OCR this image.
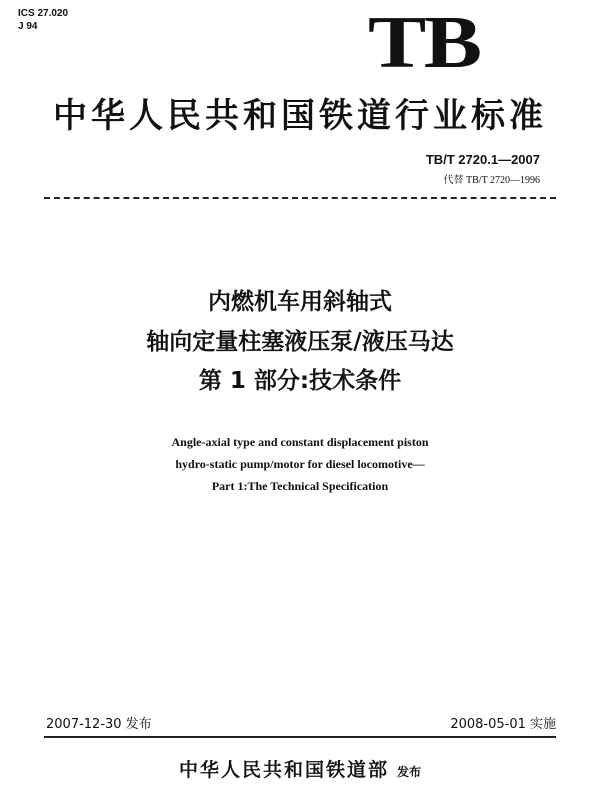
ICS 27.020
J 94	TB
中华人民共和国铁道行业标准
TB/T 2720.1—2007
代替 TB/T 2720—1996
内燃机车用斜轴式
轴向定量柱塞液压泵/液压马达
第 1 部分:技术条件
Angle-axial type and constant displacement piston
hydro-static pump/motor for diesel locomotive—
Part 1:The Technical Specification
2007-12-30 发布	2008-05-01 实施
中华人民共和国铁道部 发布
